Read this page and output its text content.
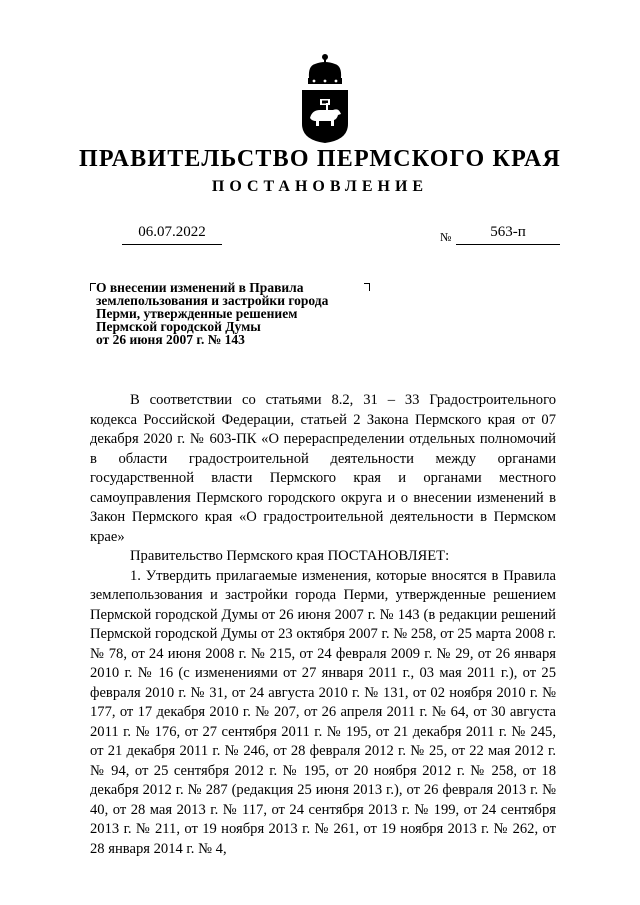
ПРАВИТЕЛЬСТВО ПЕРМСКОГО КРАЯ
ПОСТАНОВЛЕНИЕ
06.07.2022	№	563-п
О внесении изменений в Правила
землепользования и застройки города
Перми, утвержденные решением
Пермской городской Думы
от 26 июня 2007 г. № 143

В соответствии со статьями 8.2, 31 – 33 Градостроительного кодекса Российской Федерации, статьей 2 Закона Пермского края от 07 декабря 2020 г. № 603-ПК «О перераспределении отдельных полномочий в области градостроительной деятельности между органами государственной власти Пермского края и органами местного самоуправления Пермского городского округа и о внесении изменений в Закон Пермского края «О градостроительной деятельности в Пермском крае»

Правительство Пермского края ПОСТАНОВЛЯЕТ:

1. Утвердить прилагаемые изменения, которые вносятся в Правила землепользования и застройки города Перми, утвержденные решением Пермской городской Думы от 26 июня 2007 г. № 143 (в редакции решений Пермской городской Думы от 23 октября 2007 г. № 258, от 25 марта 2008 г. № 78, от 24 июня 2008 г. № 215, от 24 февраля 2009 г. № 29, от 26 января 2010 г. № 16 (с изменениями от 27 января 2011 г., 03 мая 2011 г.), от 25 февраля 2010 г. № 31, от 24 августа 2010 г. № 131, от 02 ноября 2010 г. № 177, от 17 декабря 2010 г. № 207, от 26 апреля 2011 г. № 64, от 30 августа 2011 г. № 176, от 27 сентября 2011 г. № 195, от 21 декабря 2011 г. № 245, от 21 декабря 2011 г. № 246, от 28 февраля 2012 г. № 25, от 22 мая 2012 г. № 94, от 25 сентября 2012 г. № 195, от 20 ноября 2012 г. № 258, от 18 декабря 2012 г. № 287 (редакция 25 июня 2013 г.), от 26 февраля 2013 г. № 40, от 28 мая 2013 г. № 117, от 24 сентября 2013 г. № 199, от 24 сентября 2013 г. № 211, от 19 ноября 2013 г. № 261, от 19 ноября 2013 г. № 262, от 28 января 2014 г. № 4,
